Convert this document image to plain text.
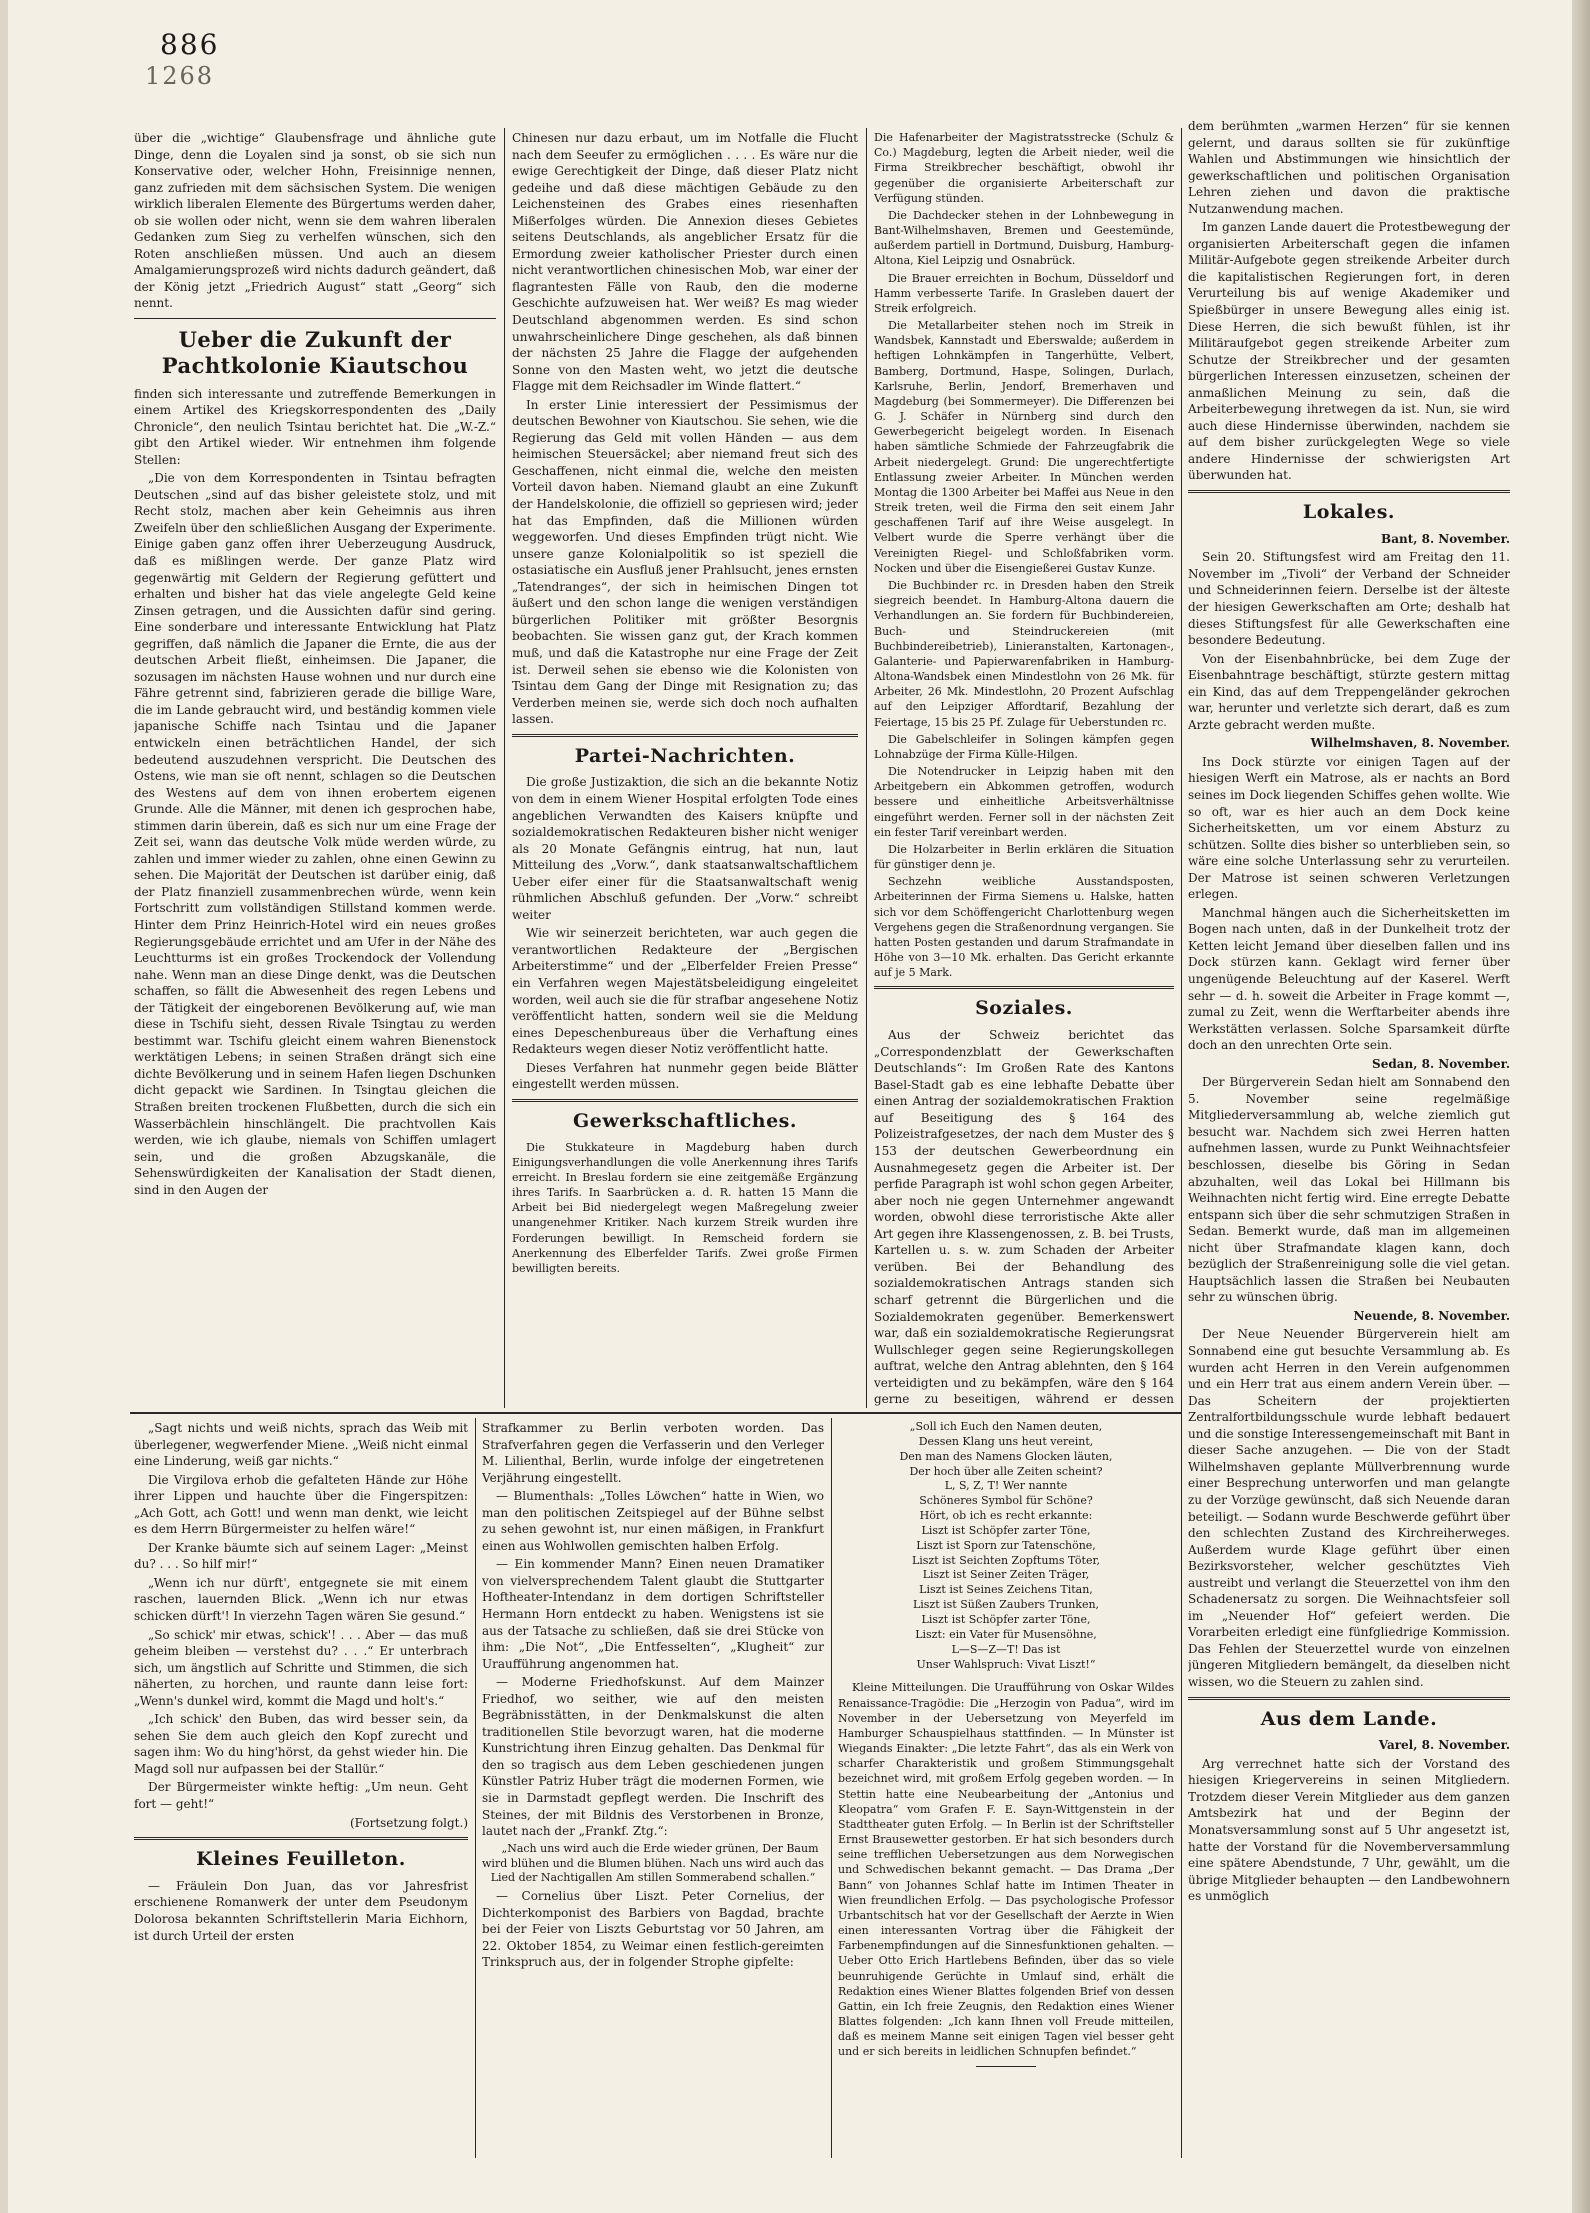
886
1268

über die „wichtige“ Glaubensfrage und ähnliche gute Dinge, denn die Loyalen sind ja sonst, ob sie sich nun Konservative oder, welcher Hohn, Freisinnige nennen, ganz zufrieden mit dem sächsischen System. Die wenigen wirklich liberalen Elemente des Bürgertums werden daher, ob sie wollen oder nicht, wenn sie dem wahren liberalen Gedanken zum Sieg zu verhelfen wünschen, sich den Roten anschließen müssen. Und auch an diesem Amalgamierungsprozeß wird nichts dadurch geändert, daß der König jetzt „Friedrich August“ statt „Georg“ sich nennt.

Ueber die Zukunft der Pachtkolonie Kiautschou

finden sich interessante und zutreffende Bemerkungen in einem Artikel des Kriegskorrespondenten des „Daily Chronicle“, den neulich Tsintau berichtet hat. Die „W.-Z.“ gibt den Artikel wieder. Wir entnehmen ihm folgende Stellen:

„Die von dem Korrespondenten in Tsintau befragten Deutschen „sind auf das bisher geleistete stolz, und mit Recht stolz, machen aber kein Geheimnis aus ihren Zweifeln über den schließlichen Ausgang der Experimente. Einige gaben ganz offen ihrer Ueberzeugung Ausdruck, daß es mißlingen werde. Der ganze Platz wird gegenwärtig mit Geldern der Regierung gefüttert und erhalten und bisher hat das viele angelegte Geld keine Zinsen getragen, und die Aussichten dafür sind gering. Eine sonderbare und interessante Entwicklung hat Platz gegriffen, daß nämlich die Japaner die Ernte, die aus der deutschen Arbeit fließt, einheimsen. Die Japaner, die sozusagen im nächsten Hause wohnen und nur durch eine Fähre getrennt sind, fabrizieren gerade die billige Ware, die im Lande gebraucht wird, und beständig kommen viele japanische Schiffe nach Tsintau und die Japaner entwickeln einen beträchtlichen Handel, der sich bedeutend auszudehnen verspricht. Die Deutschen des Ostens, wie man sie oft nennt, schlagen so die Deutschen des Westens auf dem von ihnen erobertem eigenen Grunde. Alle die Männer, mit denen ich gesprochen habe, stimmen darin überein, daß es sich nur um eine Frage der Zeit sei, wann das deutsche Volk müde werden würde, zu zahlen und immer wieder zu zahlen, ohne einen Gewinn zu sehen. Die Majorität der Deutschen ist darüber einig, daß der Platz finanziell zusammenbrechen würde, wenn kein Fortschritt zum vollständigen Stillstand kommen werde. Hinter dem Prinz Heinrich-Hotel wird ein neues großes Regierungsgebäude errichtet und am Ufer in der Nähe des Leuchtturms ist ein großes Trockendock der Vollendung nahe. Wenn man an diese Dinge denkt, was die Deutschen schaffen, so fällt die Abwesenheit des regen Lebens und der Tätigkeit der eingeborenen Bevölkerung auf, wie man diese in Tschifu sieht, dessen Rivale Tsingtau zu werden bestimmt war. Tschifu gleicht einem wahren Bienenstock werktätigen Lebens; in seinen Straßen drängt sich eine dichte Bevölkerung und in seinem Hafen liegen Dschunken dicht gepackt wie Sardinen. In Tsingtau gleichen die Straßen breiten trockenen Flußbetten, durch die sich ein Wasserbächlein hinschlängelt. Die prachtvollen Kais werden, wie ich glaube, niemals von Schiffen umlagert sein, und die großen Abzugskanäle, die Sehenswürdigkeiten der Kanalisation der Stadt dienen, sind in den Augen der

Chinesen nur dazu erbaut, um im Notfalle die Flucht nach dem Seeufer zu ermöglichen . . . . Es wäre nur die ewige Gerechtigkeit der Dinge, daß dieser Platz nicht gedeihe und daß diese mächtigen Gebäude zu den Leichensteinen des Grabes eines riesenhaften Mißerfolges würden. Die Annexion dieses Gebietes seitens Deutschlands, als angeblicher Ersatz für die Ermordung zweier katholischer Priester durch einen nicht verantwortlichen chinesischen Mob, war einer der flagrantesten Fälle von Raub, den die moderne Geschichte aufzuweisen hat. Wer weiß? Es mag wieder Deutschland abgenommen werden. Es sind schon unwahrscheinlichere Dinge geschehen, als daß binnen der nächsten 25 Jahre die Flagge der aufgehenden Sonne von den Masten weht, wo jetzt die deutsche Flagge mit dem Reichsadler im Winde flattert.“

In erster Linie interessiert der Pessimismus der deutschen Bewohner von Kiautschou. Sie sehen, wie die Regierung das Geld mit vollen Händen — aus dem heimischen Steuersäckel; aber niemand freut sich des Geschaffenen, nicht einmal die, welche den meisten Vorteil davon haben. Niemand glaubt an eine Zukunft der Handelskolonie, die offiziell so gepriesen wird; jeder hat das Empfinden, daß die Millionen würden weggeworfen. Und dieses Empfinden trügt nicht. Wie unsere ganze Kolonialpolitik so ist speziell die ostasiatische ein Ausfluß jener Prahlsucht, jenes ernsten „Tatendranges“, der sich in heimischen Dingen tot äußert und den schon lange die wenigen verständigen bürgerlichen Politiker mit größter Besorgnis beobachten. Sie wissen ganz gut, der Krach kommen muß, und daß die Katastrophe nur eine Frage der Zeit ist. Derweil sehen sie ebenso wie die Kolonisten von Tsintau dem Gang der Dinge mit Resignation zu; das Verderben meinen sie, werde sich doch noch aufhalten lassen.

Partei-Nachrichten.

Die große Justizaktion, die sich an die bekannte Notiz von dem in einem Wiener Hospital erfolgten Tode eines angeblichen Verwandten des Kaisers knüpfte und sozialdemokratischen Redakteuren bisher nicht weniger als 20 Monate Gefängnis eintrug, hat nun, laut Mitteilung des „Vorw.“, dank staatsanwaltschaftlichem Ueber eifer einer für die Staatsanwaltschaft wenig rühmlichen Abschluß gefunden. Der „Vorw.“ schreibt weiter

Wie wir seinerzeit berichteten, war auch gegen die verantwortlichen Redakteure der „Bergischen Arbeiterstimme“ und der „Elberfelder Freien Presse“ ein Verfahren wegen Majestätsbeleidigung eingeleitet worden, weil auch sie die für strafbar angesehene Notiz veröffentlicht hatten, sondern weil sie die Meldung eines Depeschenbureaus über die Verhaftung eines Redakteurs wegen dieser Notiz veröffentlicht hatte.

Dieses Verfahren hat nunmehr gegen beide Blätter eingestellt werden müssen.

Gewerkschaftliches.

Die Stukkateure in Magdeburg haben durch Einigungsverhandlungen die volle Anerkennung ihres Tarifs erreicht. In Breslau fordern sie eine zeitgemäße Ergänzung ihres Tarifs. In Saarbrücken a. d. R. hatten 15 Mann die Arbeit bei Bid niedergelegt wegen Maßregelung zweier unangenehmer Kritiker. Nach kurzem Streik wurden ihre Forderungen bewilligt. In Remscheid fordern sie Anerkennung des Elberfelder Tarifs. Zwei große Firmen bewilligten bereits.

Die Hafenarbeiter der Magistratsstrecke (Schulz & Co.) Magdeburg, legten die Arbeit nieder, weil die Firma Streikbrecher beschäftigt, obwohl ihr gegenüber die organisierte Arbeiterschaft zur Verfügung stünden.

Die Dachdecker stehen in der Lohnbewegung in Bant-Wilhelmshaven, Bremen und Geestemünde, außerdem partiell in Dortmund, Duisburg, Hamburg-Altona, Kiel Leipzig und Osnabrück.

Die Brauer erreichten in Bochum, Düsseldorf und Hamm verbesserte Tarife. In Grasleben dauert der Streik erfolgreich.

Die Metallarbeiter stehen noch im Streik in Wandsbek, Kannstadt und Eberswalde; außerdem in heftigen Lohnkämpfen in Tangerhütte, Velbert, Bamberg, Dortmund, Haspe, Solingen, Durlach, Karlsruhe, Berlin, Jendorf, Bremerhaven und Magdeburg (bei Sommermeyer). Die Differenzen bei G. J. Schäfer in Nürnberg sind durch den Gewerbegericht beigelegt worden. In Eisenach haben sämtliche Schmiede der Fahrzeugfabrik die Arbeit niedergelegt. Grund: Die ungerechtfertigte Entlassung zweier Arbeiter. In München werden Montag die 1300 Arbeiter bei Maffei aus Neue in den Streik treten, weil die Firma den seit einem Jahr geschaffenen Tarif auf ihre Weise ausgelegt. In Velbert wurde die Sperre verhängt über die Vereinigten Riegel- und Schloßfabriken vorm. Nocken und über die Eisengießerei Gustav Kunze.

Die Buchbinder rc. in Dresden haben den Streik siegreich beendet. In Hamburg-Altona dauern die Verhandlungen an. Sie fordern für Buchbindereien, Buch- und Steindruckereien (mit Buchbindereibetrieb), Linieranstalten, Kartonagen-, Galanterie- und Papierwarenfabriken in Hamburg-Altona-Wandsbek einen Mindestlohn von 26 Mk. für Arbeiter, 26 Mk. Mindestlohn, 20 Prozent Aufschlag auf den Leipziger Affordtarif, Bezahlung der Feiertage, 15 bis 25 Pf. Zulage für Ueberstunden rc.

Die Gabelschleifer in Solingen kämpfen gegen Lohnabzüge der Firma Külle-Hilgen.

Die Notendrucker in Leipzig haben mit den Arbeitgebern ein Abkommen getroffen, wodurch bessere und einheitliche Arbeitsverhältnisse eingeführt werden. Ferner soll in der nächsten Zeit ein fester Tarif vereinbart werden.

Die Holzarbeiter in Berlin erklären die Situation für günstiger denn je.

Sechzehn weibliche Ausstandsposten, Arbeiterinnen der Firma Siemens u. Halske, hatten sich vor dem Schöffengericht Charlottenburg wegen Vergehens gegen die Straßenordnung vergangen. Sie hatten Posten gestanden und darum Strafmandate in Höhe von 3—10 Mk. erhalten. Das Gericht erkannte auf je 5 Mark.

Soziales.

Aus der Schweiz berichtet das „Correspondenzblatt der Gewerkschaften Deutschlands“: Im Großen Rate des Kantons Basel-Stadt gab es eine lebhafte Debatte über einen Antrag der sozialdemokratischen Fraktion auf Beseitigung des § 164 des Polizeistrafgesetzes, der nach dem Muster des § 153 der deutschen Gewerbeordnung ein Ausnahmegesetz gegen die Arbeiter ist. Der perfide Paragraph ist wohl schon gegen Arbeiter, aber noch nie gegen Unternehmer angewandt worden, obwohl diese terroristische Akte aller Art gegen ihre Klassengenossen, z. B. bei Trusts, Kartellen u. s. w. zum Schaden der Arbeiter verüben. Bei der Behandlung des sozialdemokratischen Antrags standen sich scharf getrennt die Bürgerlichen und die Sozialdemokraten gegenüber. Bemerkenswert war, daß ein sozialdemokratische Regierungsrat Wullschleger gegen seine Regierungskollegen auftrat, welche den Antrag ablehnten, den § 164 verteidigten und zu bekämpfen, wäre den § 164 gerne zu beseitigen, während er dessen

dem berühmten „warmen Herzen“ für sie kennen gelernt, und daraus sollten sie für zukünftige Wahlen und Abstimmungen wie hinsichtlich der gewerkschaftlichen und politischen Organisation Lehren ziehen und davon die praktische Nutzanwendung machen.

Im ganzen Lande dauert die Protestbewegung der organisierten Arbeiterschaft gegen die infamen Militär-Aufgebote gegen streikende Arbeiter durch die kapitalistischen Regierungen fort, in deren Verurteilung bis auf wenige Akademiker und Spießbürger in unsere Bewegung alles einig ist. Diese Herren, die sich bewußt fühlen, ist ihr Militäraufgebot gegen streikende Arbeiter zum Schutze der Streikbrecher und der gesamten bürgerlichen Interessen einzusetzen, scheinen der anmaßlichen Meinung zu sein, daß die Arbeiterbewegung ihretwegen da ist. Nun, sie wird auch diese Hindernisse überwinden, nachdem sie auf dem bisher zurückgelegten Wege so viele andere Hindernisse der schwierigsten Art überwunden hat.

Lokales.

Bant, 8. November.

Sein 20. Stiftungsfest wird am Freitag den 11. November im „Tivoli“ der Verband der Schneider und Schneiderinnen feiern. Derselbe ist der älteste der hiesigen Gewerkschaften am Orte; deshalb hat dieses Stiftungsfest für alle Gewerkschaften eine besondere Bedeutung.

Von der Eisenbahnbrücke, bei dem Zuge der Eisenbahntrage beschäftigt, stürzte gestern mittag ein Kind, das auf dem Treppengeländer gekrochen war, herunter und verletzte sich derart, daß es zum Arzte gebracht werden mußte.

Wilhelmshaven, 8. November.

Ins Dock stürzte vor einigen Tagen auf der hiesigen Werft ein Matrose, als er nachts an Bord seines im Dock liegenden Schiffes gehen wollte. Wie so oft, war es hier auch an dem Dock keine Sicherheitsketten, um vor einem Absturz zu schützen. Sollte dies bisher so unterblieben sein, so wäre eine solche Unterlassung sehr zu verurteilen. Der Matrose ist seinen schweren Verletzungen erlegen.

Manchmal hängen auch die Sicherheitsketten im Bogen nach unten, daß in der Dunkelheit trotz der Ketten leicht Jemand über dieselben fallen und ins Dock stürzen kann. Geklagt wird ferner über ungenügende Beleuchtung auf der Kaserel. Werft sehr — d. h. soweit die Arbeiter in Frage kommt —, zumal zu Zeit, wenn die Werftarbeiter abends ihre Werkstätten verlassen. Solche Sparsamkeit dürfte doch an den unrechten Orte sein.

Sedan, 8. November.

Der Bürgerverein Sedan hielt am Sonnabend den 5. November seine regelmäßige Mitgliederversammlung ab, welche ziemlich gut besucht war. Nachdem sich zwei Herren hatten aufnehmen lassen, wurde zu Punkt Weihnachtsfeier beschlossen, dieselbe bis Göring in Sedan abzuhalten, weil das Lokal bei Hillmann bis Weihnachten nicht fertig wird. Eine erregte Debatte entspann sich über die sehr schmutzigen Straßen in Sedan. Bemerkt wurde, daß man im allgemeinen nicht über Strafmandate klagen kann, doch bezüglich der Straßenreinigung solle die viel getan. Hauptsächlich lassen die Straßen bei Neubauten sehr zu wünschen übrig.

Neuende, 8. November.

Der Neue Neuender Bürgerverein hielt am Sonnabend eine gut besuchte Versammlung ab. Es wurden acht Herren in den Verein aufgenommen und ein Herr trat aus einem andern Verein über. — Das Scheitern der projektierten Zentralfortbildungsschule wurde lebhaft bedauert und die sonstige Interessengemeinschaft mit Bant in dieser Sache anzugehen. — Die von der Stadt Wilhelmshaven geplante Müllverbrennung wurde einer Besprechung unterworfen und man gelangte zu der Vorzüge gewünscht, daß sich Neuende daran beteiligt. — Sodann wurde Beschwerde geführt über den schlechten Zustand des Kirchreiherweges. Außerdem wurde Klage geführt über einen Bezirksvorsteher, welcher geschütztes Vieh austreibt und verlangt die Steuerzettel von ihm den Schadenersatz zu sorgen. Die Weihnachtsfeier soll im „Neuender Hof“ gefeiert werden. Die Vorarbeiten erledigt eine fünfgliedrige Kommission. Das Fehlen der Steuerzettel wurde von einzelnen jüngeren Mitgliedern bemängelt, da dieselben nicht wissen, wo die Steuern zu zahlen sind.

Aus dem Lande.

Varel, 8. November.

Arg verrechnet hatte sich der Vorstand des hiesigen Kriegervereins in seinen Mitgliedern. Trotzdem dieser Verein Mitglieder aus dem ganzen Amtsbezirk hat und der Beginn der Monatsversammlung sonst auf 5 Uhr angesetzt ist, hatte der Vorstand für die Novemberversammlung eine spätere Abendstunde, 7 Uhr, gewählt, um die übrige Mitglieder behaupten — den Landbewohnern es unmöglich

„Sagt nichts und weiß nichts, sprach das Weib mit überlegener, wegwerfender Miene. „Weiß nicht einmal eine Linderung, weiß gar nichts.“

Die Virgilova erhob die gefalteten Hände zur Höhe ihrer Lippen und hauchte über die Fingerspitzen: „Ach Gott, ach Gott! und wenn man denkt, wie leicht es dem Herrn Bürgermeister zu helfen wäre!“

Der Kranke bäumte sich auf seinem Lager: „Meinst du? . . . So hilf mir!“

„Wenn ich nur dürft', entgegnete sie mit einem raschen, lauernden Blick. „Wenn ich nur etwas schicken dürft'! In vierzehn Tagen wären Sie gesund.“

„So schick' mir etwas, schick'! . . . Aber — das muß geheim bleiben — verstehst du? . . .“ Er unterbrach sich, um ängstlich auf Schritte und Stimmen, die sich näherten, zu horchen, und raunte dann leise fort: „Wenn's dunkel wird, kommt die Magd und holt's.“

„Ich schick' den Buben, das wird besser sein, da sehen Sie dem auch gleich den Kopf zurecht und sagen ihm: Wo du hing'hörst, da gehst wieder hin. Die Magd soll nur aufpassen bei der Stallür.“

Der Bürgermeister winkte heftig: „Um neun. Geht fort — geht!“

(Fortsetzung folgt.)

Kleines Feuilleton.

— Fräulein Don Juan, das vor Jahresfrist erschienene Romanwerk der unter dem Pseudonym Dolorosa bekannten Schriftstellerin Maria Eichhorn, ist durch Urteil der ersten

Strafkammer zu Berlin verboten worden. Das Strafverfahren gegen die Verfasserin und den Verleger M. Lilienthal, Berlin, wurde infolge der eingetretenen Verjährung eingestellt.

— Blumenthals: „Tolles Löwchen“ hatte in Wien, wo man den politischen Zeitspiegel auf der Bühne selbst zu sehen gewohnt ist, nur einen mäßigen, in Frankfurt einen aus Wohlwollen gemischten halben Erfolg.

— Ein kommender Mann? Einen neuen Dramatiker von vielversprechendem Talent glaubt die Stuttgarter Hoftheater-Intendanz in dem dortigen Schriftsteller Hermann Horn entdeckt zu haben. Wenigstens ist sie aus der Tatsache zu schließen, daß sie drei Stücke von ihm: „Die Not“, „Die Entfesselten“, „Klugheit“ zur Uraufführung angenommen hat.

— Moderne Friedhofskunst. Auf dem Mainzer Friedhof, wo seither, wie auf den meisten Begräbnisstätten, in der Denkmalskunst die alten traditionellen Stile bevorzugt waren, hat die moderne Kunstrichtung ihren Einzug gehalten. Das Denkmal für den so tragisch aus dem Leben geschiedenen jungen Künstler Patriz Huber trägt die modernen Formen, wie sie in Darmstadt gepflegt werden. Die Inschrift des Steines, der mit Bildnis des Verstorbenen in Bronze, lautet nach der „Frankf. Ztg.“:

„Nach uns wird auch die Erde wieder grünen, Der Baum wird blühen und die Blumen blühen. Nach uns wird auch das Lied der Nachtigallen Am stillen Sommerabend schallen.“

— Cornelius über Liszt. Peter Cornelius, der Dichterkomponist des Barbiers von Bagdad, brachte bei der Feier von Liszts Geburtstag vor 50 Jahren, am 22. Oktober 1854, zu Weimar einen festlich-gereimten Trinkspruch aus, der in folgender Strophe gipfelte:

„Soll ich Euch den Namen deuten,
Dessen Klang uns heut vereint,
Den man des Namens Glocken läuten,
Der hoch über alle Zeiten scheint?
L, S, Z, T! Wer nannte
Schöneres Symbol für Schöne?
Hört, ob ich es recht erkannte:
Liszt ist Schöpfer zarter Töne,
Liszt ist Sporn zur Tatenschöne,
Liszt ist Seichten Zopftums Töter,
Liszt ist Seiner Zeiten Träger,
Liszt ist Seines Zeichens Titan,
Liszt ist Süßen Zaubers Trunken,
Liszt ist Schöpfer zarter Töne,
Liszt: ein Vater für Musensöhne,
L—S—Z—T! Das ist
Unser Wahlspruch: Vivat Liszt!“

Kleine Mitteilungen. Die Uraufführung von Oskar Wildes Renaissance-Tragödie: Die „Herzogin von Padua“, wird im November in der Uebersetzung von Meyerfeld im Hamburger Schauspielhaus stattfinden. — In Münster ist Wiegands Einakter: „Die letzte Fahrt“, das als ein Werk von scharfer Charakteristik und großem Stimmungsgehalt bezeichnet wird, mit großem Erfolg gegeben worden. — In Stettin hatte eine Neubearbeitung der „Antonius und Kleopatra“ vom Grafen F. E. Sayn-Wittgenstein in der Stadttheater guten Erfolg. — In Berlin ist der Schriftsteller Ernst Brausewetter gestorben. Er hat sich besonders durch seine trefflichen Uebersetzungen aus dem Norwegischen und Schwedischen bekannt gemacht. — Das Drama „Der Bann“ von Johannes Schlaf hatte im Intimen Theater in Wien freundlichen Erfolg. — Das psychologische Professor Urbantschitsch hat vor der Gesellschaft der Aerzte in Wien einen interessanten Vortrag über die Fähigkeit der Farbenempfindungen auf die Sinnesfunktionen gehalten. — Ueber Otto Erich Hartlebens Befinden, über das so viele beunruhigende Gerüchte in Umlauf sind, erhält die Redaktion eines Wiener Blattes folgenden Brief von dessen Gattin, ein Ich freie Zeugnis, den Redaktion eines Wiener Blattes folgenden: „Ich kann Ihnen voll Freude mitteilen, daß es meinem Manne seit einigen Tagen viel besser geht und er sich bereits in leidlichen Schnupfen befindet.“
